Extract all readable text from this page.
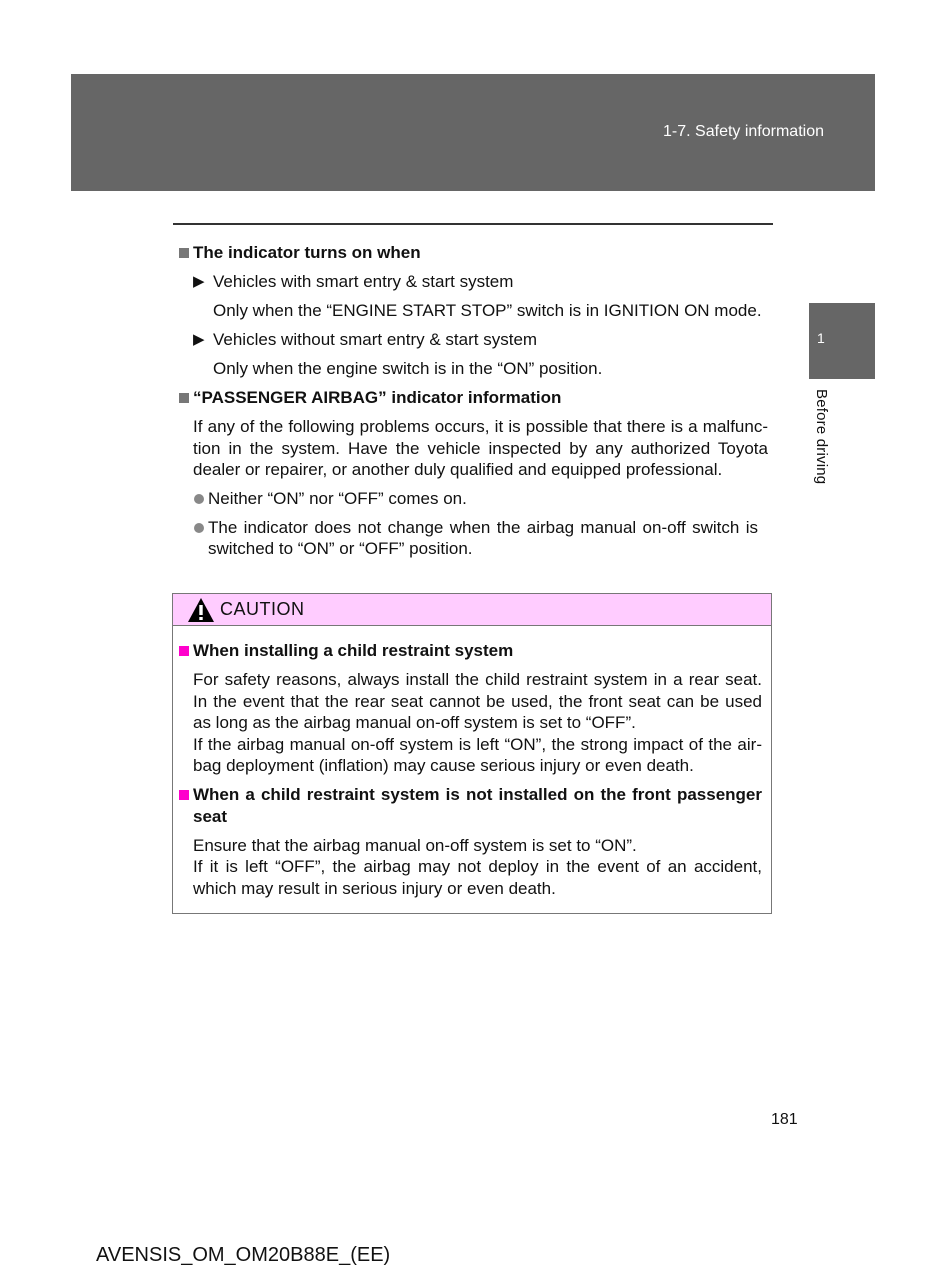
1-7. Safety information
1
Before driving
The indicator turns on when
▶ Vehicles with smart entry & start system
Only when the “ENGINE START STOP” switch is in IGNITION ON mode.
▶ Vehicles without smart entry & start system
Only when the engine switch is in the “ON” position.
“PASSENGER AIRBAG” indicator information
If any of the following problems occurs, it is possible that there is a malfunc-tion in the system. Have the vehicle inspected by any authorized Toyota dealer or repairer, or another duly qualified and equipped professional.
Neither “ON” nor “OFF” comes on.
The indicator does not change when the airbag manual on-off switch is switched to “ON” or “OFF” position.
CAUTION
When installing a child restraint system
For safety reasons, always install the child restraint system in a rear seat. In the event that the rear seat cannot be used, the front seat can be used as long as the airbag manual on-off system is set to “OFF”.
If the airbag manual on-off system is left “ON”, the strong impact of the air-bag deployment (inflation) may cause serious injury or even death.
When a child restraint system is not installed on the front passenger seat
Ensure that the airbag manual on-off system is set to “ON”.
If it is left “OFF”, the airbag may not deploy in the event of an accident, which may result in serious injury or even death.
181
AVENSIS_OM_OM20B88E_(EE)
